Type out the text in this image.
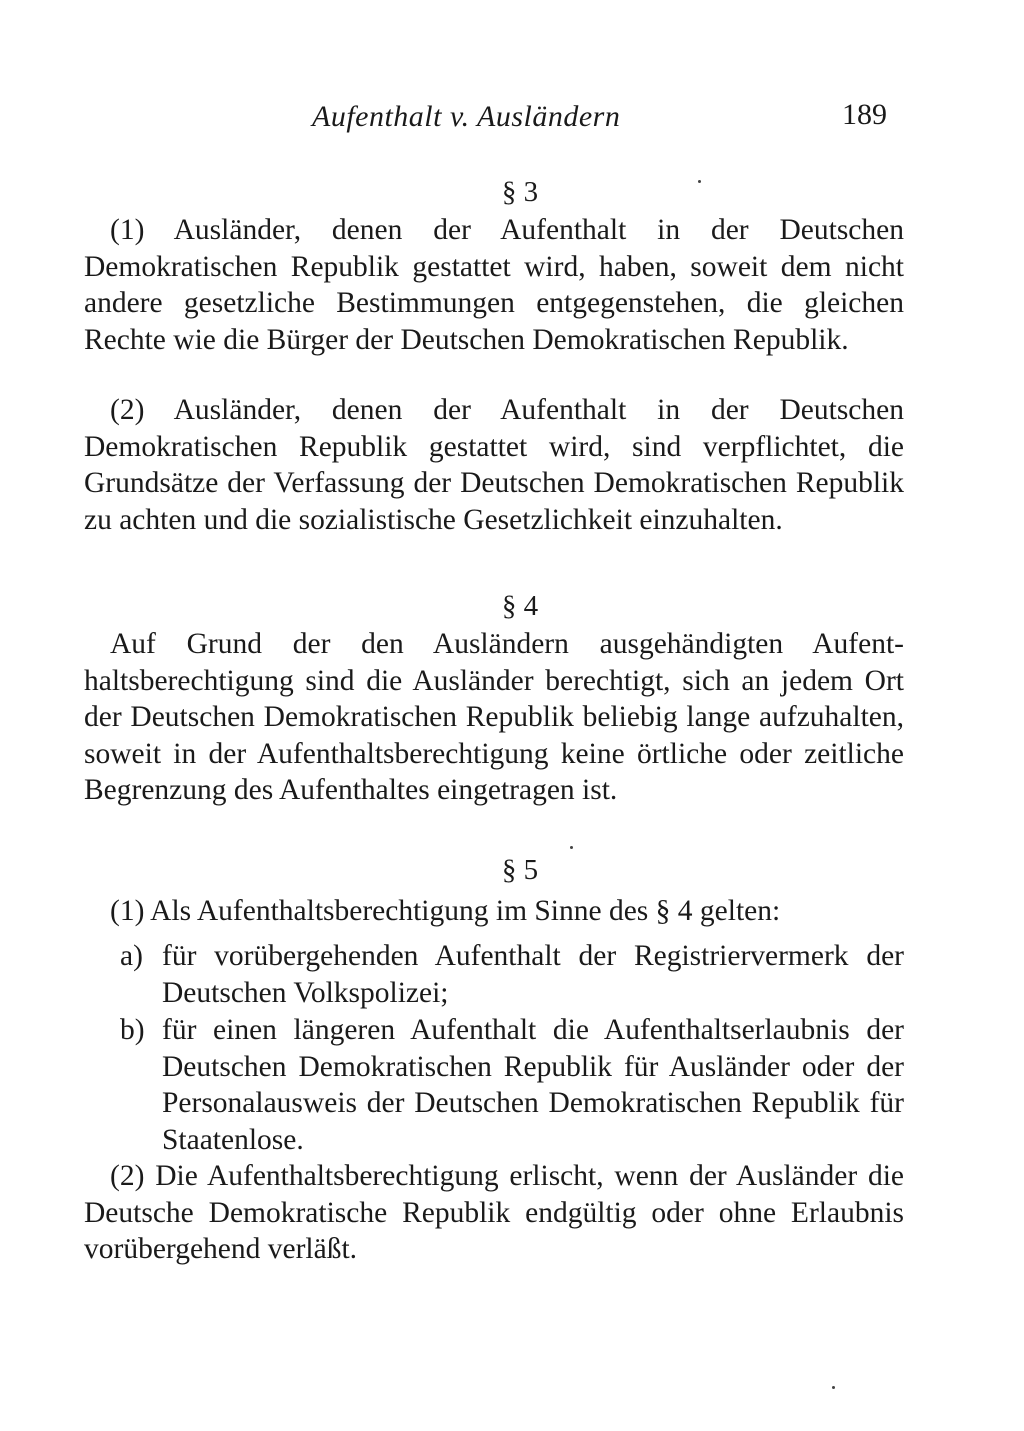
Aufenthalt v. Ausländern	189
§ 3

(1) Ausländer, denen der Aufenthalt in der Deutschen Demokratischen Republik gestattet wird, haben, soweit dem nicht andere gesetzliche Bestimmungen entgegenstehen, die gleichen Rechte wie die Bürger der Deutschen Demokratischen Republik.

(2) Ausländer, denen der Aufenthalt in der Deutschen Demokratischen Republik gestattet wird, sind verpflichtet, die Grundsätze der Verfassung der Deutschen Demokratischen Republik zu achten und die sozialistische Gesetzlichkeit einzuhalten.

§ 4

Auf Grund der den Ausländern ausgehändigten Aufenthaltsberechtigung sind die Ausländer berechtigt, sich an jedem Ort der Deutschen Demokratischen Republik beliebig lange aufzuhalten, soweit in der Aufenthaltsberechtigung keine örtliche oder zeitliche Begrenzung des Aufenthaltes eingetragen ist.

§ 5

(1) Als Aufenthaltsberechtigung im Sinne des § 4 gelten:

a) für vorübergehenden Aufenthalt der Registriervermerk der Deutschen Volkspolizei;
b) für einen längeren Aufenthalt die Aufenthaltserlaubnis der Deutschen Demokratischen Republik für Ausländer oder der Personalausweis der Deutschen Demokratischen Republik für Staatenlose.

(2) Die Aufenthaltsberechtigung erlischt, wenn der Ausländer die Deutsche Demokratische Republik endgültig oder ohne Erlaubnis vorübergehend verläßt.
